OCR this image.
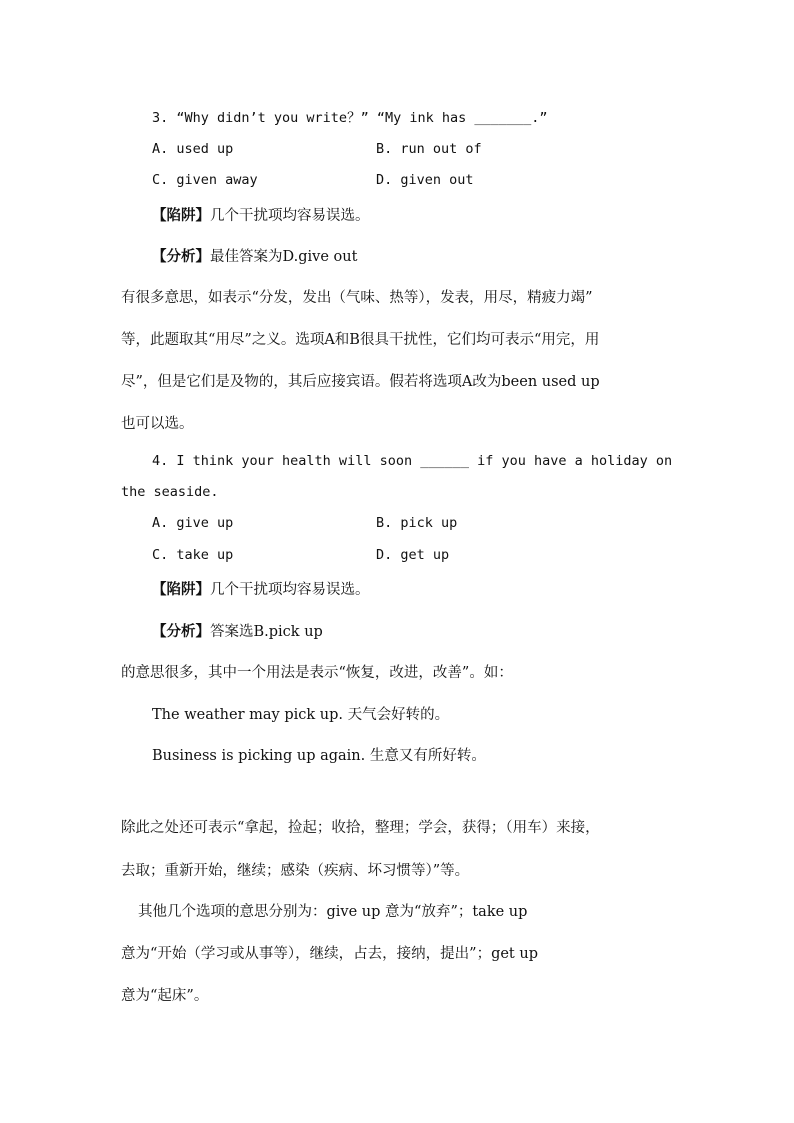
3. “Why didn’t you write？” “My ink has _______.”
A. used up	B. run out of
C. given away	D. given out
【陷阱】几个干扰项均容易误选。
【分析】最佳答案为D.give out
有很多意思，如表示“分发，发出（气味、热等），发表，用尽，精疲力竭”
等，此题取其“用尽”之义。选项A和B很具干扰性，它们均可表示“用完，用
尽”，但是它们是及物的，其后应接宾语。假若将选项A改为been used up
也可以选。
4. I think your health will soon ______ if you have a holiday on
the seaside.
A. give up	B. pick up
C. take up	D. get up
【陷阱】几个干扰项均容易误选。
【分析】答案选B.pick up
的意思很多，其中一个用法是表示“恢复，改进，改善”。如：
The weather may pick up. 天气会好转的。
Business is picking up again. 生意又有所好转。
除此之处还可表示“拿起，捡起；收拾，整理；学会，获得；（用车）来接，
去取；重新开始，继续；感染（疾病、坏习惯等）”等。
其他几个选项的意思分别为：give up 意为“放弃”；take up
意为“开始（学习或从事等），继续，占去，接纳，提出”；get up
意为“起床”。
